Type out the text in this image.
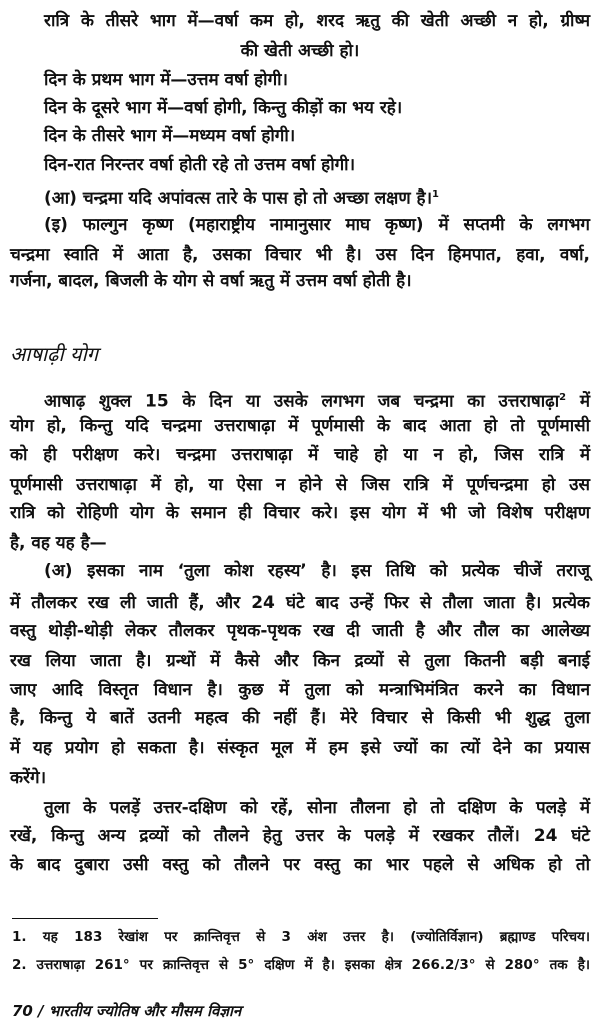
रात्रि के तीसरे भाग में—वर्षा कम हो, शरद ऋतु की खेती अच्छी न हो, ग्रीष्म
की खेती अच्छी हो।
दिन के प्रथम भाग में—उत्तम वर्षा होगी।
दिन के दूसरे भाग में—वर्षा होगी, किन्तु कीड़ों का भय रहे।
दिन के तीसरे भाग में—मध्यम वर्षा होगी।
दिन-रात निरन्तर वर्षा होती रहे तो उत्तम वर्षा होगी।
(आ) चन्द्रमा यदि अपांवत्स तारे के पास हो तो अच्छा लक्षण है।$^1$
(इ) फाल्गुन कृष्ण (महाराष्ट्रीय नामानुसार माघ कृष्ण) में सप्तमी के लगभग
चन्द्रमा स्वाति में आता है, उसका विचार भी है। उस दिन हिमपात, हवा, वर्षा,
गर्जना, बादल, बिजली के योग से वर्षा ऋतु में उत्तम वर्षा होती है।
आषाढ़ी योग
आषाढ़ शुक्ल 15 के दिन या उसके लगभग जब चन्द्रमा का उत्तराषाढ़ा$^2$ में
योग हो, किन्तु यदि चन्द्रमा उत्तराषाढ़ा में पूर्णमासी के बाद आता हो तो पूर्णमासी
को ही परीक्षण करे। चन्द्रमा उत्तराषाढ़ा में चाहे हो या न हो, जिस रात्रि में
पूर्णमासी उत्तराषाढ़ा में हो, या ऐसा न होने से जिस रात्रि में पूर्णचन्द्रमा हो उस
रात्रि को रोहिणी योग के समान ही विचार करे। इस योग में भी जो विशेष परीक्षण
है, वह यह है—
(अ) इसका नाम ‘तुला कोश रहस्य’ है। इस तिथि को प्रत्येक चीजें तराजू
में तौलकर रख ली जाती हैं, और 24 घंटे बाद उन्हें फिर से तौला जाता है। प्रत्येक
वस्तु थोड़ी-थोड़ी लेकर तौलकर पृथक-पृथक रख दी जाती है और तौल का आलेख्य
रख लिया जाता है। ग्रन्थों में कैसे और किन द्रव्यों से तुला कितनी बड़ी बनाई
जाए आदि विस्तृत विधान है। कुछ में तुला को मन्त्राभिमंत्रित करने का विधान
है, किन्तु ये बातें उतनी महत्व की नहीं हैं। मेरे विचार से किसी भी शुद्ध तुला
में यह प्रयोग हो सकता है। संस्कृत मूल में हम इसे ज्यों का त्यों देने का प्रयास
करेंगे।
तुला के पलड़ें उत्तर-दक्षिण को रहें, सोना तौलना हो तो दक्षिण के पलड़े में
रखें, किन्तु अन्य द्रव्यों को तौलने हेतु उत्तर के पलड़े में रखकर तौलें। 24 घंटे
के बाद दुबारा उसी वस्तु को तौलने पर वस्तु का भार पहले से अधिक हो तो
1. यह 183 रेखांश पर क्रान्तिवृत्त से 3 अंश उत्तर है। (ज्योतिर्विज्ञान) ब्रह्माण्ड परिचय।
2. उत्तराषाढ़ा 261° पर क्रान्तिवृत्त से 5° दक्षिण में है। इसका क्षेत्र 266.2/3° से 280° तक है।
70 / भारतीय ज्योतिष और मौसम विज्ञान
